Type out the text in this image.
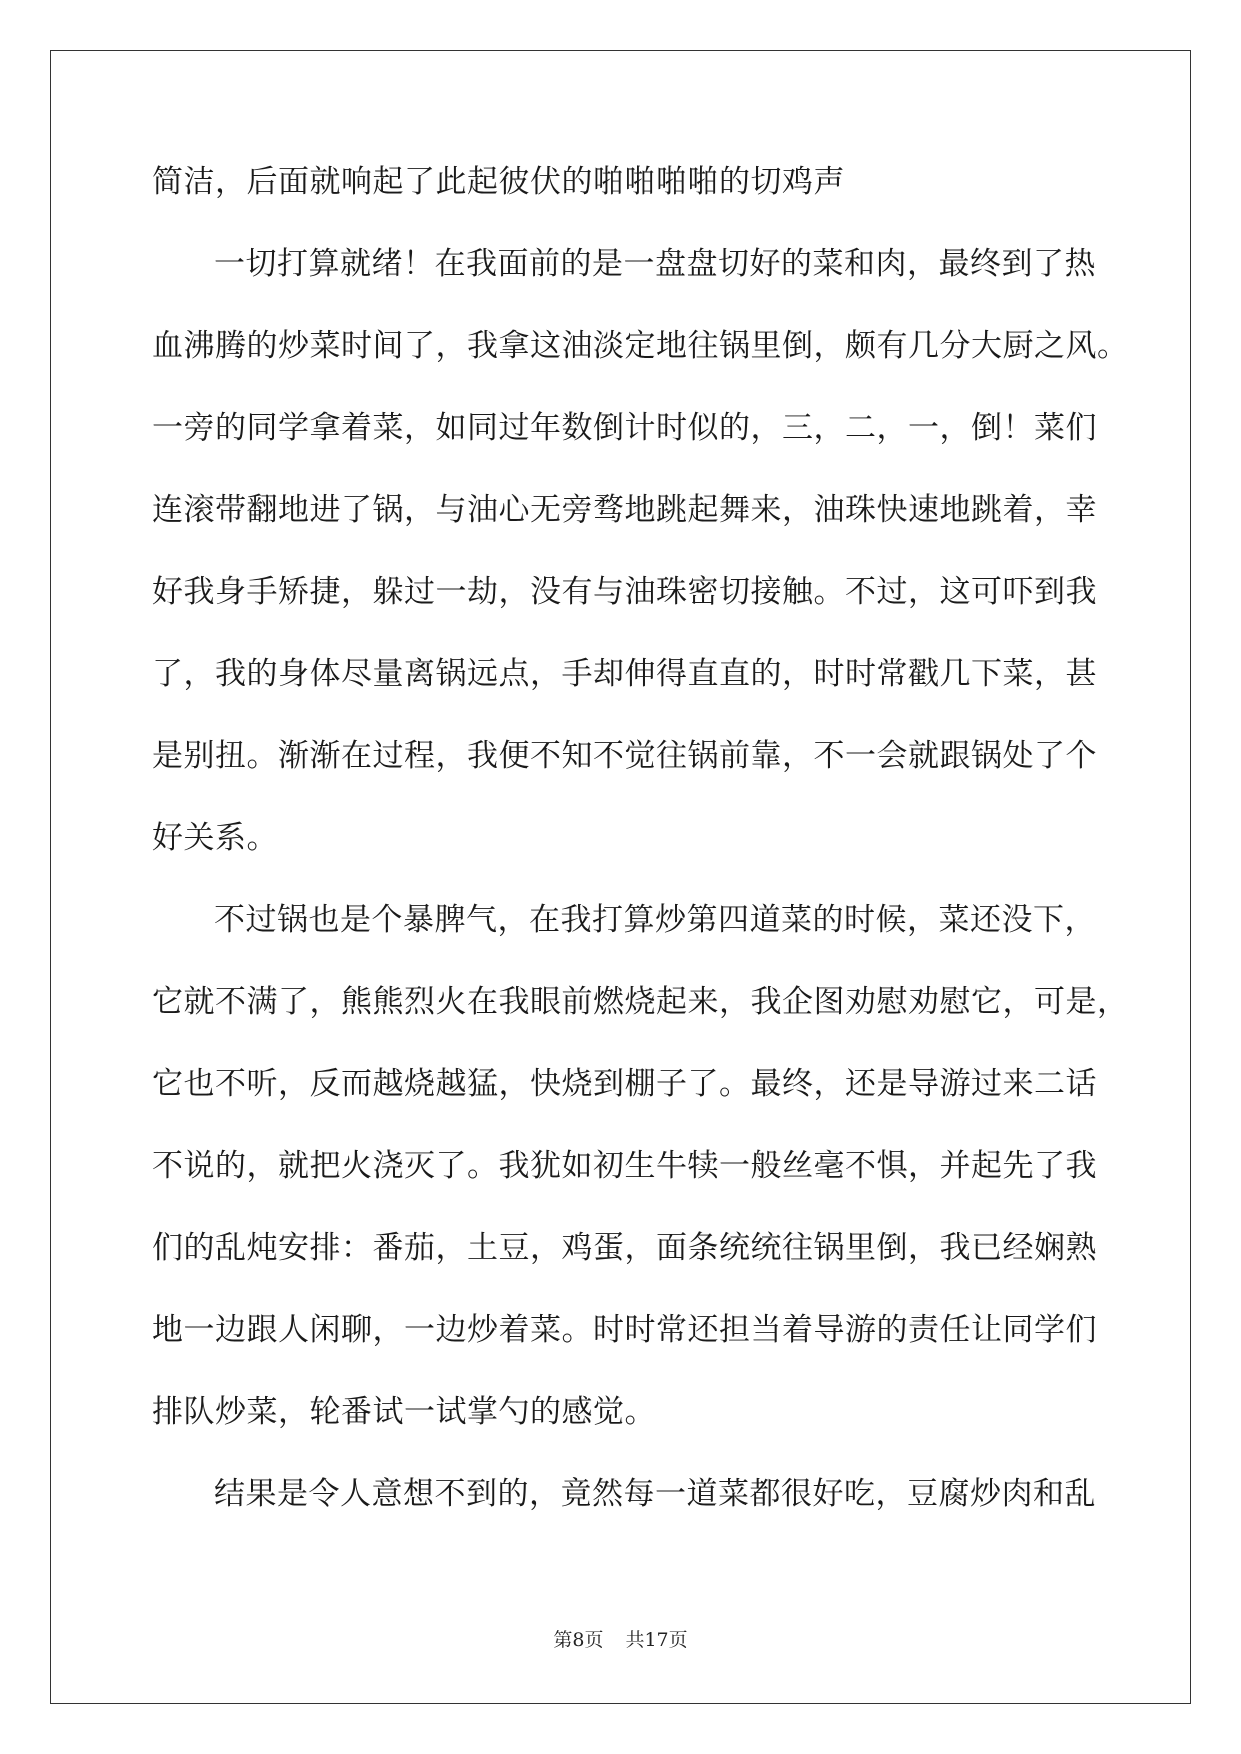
简洁，后面就响起了此起彼伏的啪啪啪啪的切鸡声
一切打算就绪！在我面前的是一盘盘切好的菜和肉，最终到了热
血沸腾的炒菜时间了，我拿这油淡定地往锅里倒，颇有几分大厨之风。
一旁的同学拿着菜，如同过年数倒计时似的，三，二，一，倒！菜们
连滚带翻地进了锅，与油心无旁骛地跳起舞来，油珠快速地跳着，幸
好我身手矫捷，躲过一劫，没有与油珠密切接触。不过，这可吓到我
了，我的身体尽量离锅远点，手却伸得直直的，时时常戳几下菜，甚
是别扭。渐渐在过程，我便不知不觉往锅前靠，不一会就跟锅处了个
好关系。
不过锅也是个暴脾气，在我打算炒第四道菜的时候，菜还没下，
它就不满了，熊熊烈火在我眼前燃烧起来，我企图劝慰劝慰它，可是，
它也不听，反而越烧越猛，快烧到棚子了。最终，还是导游过来二话
不说的，就把火浇灭了。我犹如初生牛犊一般丝毫不惧，并起先了我
们的乱炖安排：番茄，土豆，鸡蛋，面条统统往锅里倒，我已经娴熟
地一边跟人闲聊，一边炒着菜。时时常还担当着导游的责任让同学们
排队炒菜，轮番试一试掌勺的感觉。
结果是令人意想不到的，竟然每一道菜都很好吃，豆腐炒肉和乱
第8页 共17页
